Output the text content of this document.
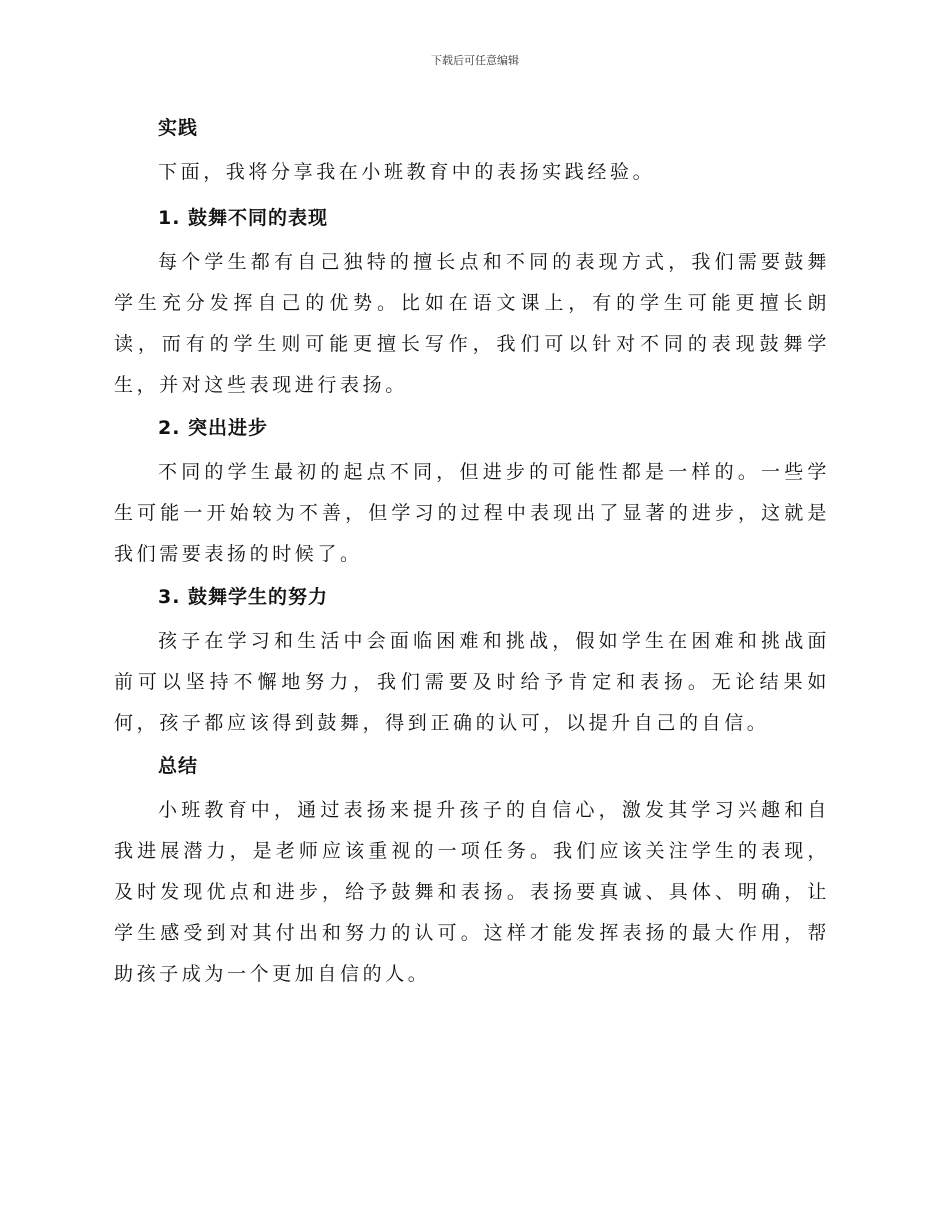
下载后可任意编辑
实践
下面，我将分享我在小班教育中的表扬实践经验。
1. 鼓舞不同的表现
每个学生都有自己独特的擅长点和不同的表现方式，我们需要鼓舞学生充分发挥自己的优势。比如在语文课上，有的学生可能更擅长朗读，而有的学生则可能更擅长写作，我们可以针对不同的表现鼓舞学生，并对这些表现进行表扬。
2. 突出进步
不同的学生最初的起点不同，但进步的可能性都是一样的。一些学生可能一开始较为不善，但学习的过程中表现出了显著的进步，这就是我们需要表扬的时候了。
3. 鼓舞学生的努力
孩子在学习和生活中会面临困难和挑战，假如学生在困难和挑战面前可以坚持不懈地努力，我们需要及时给予肯定和表扬。无论结果如何，孩子都应该得到鼓舞，得到正确的认可，以提升自己的自信。
总结
小班教育中，通过表扬来提升孩子的自信心，激发其学习兴趣和自我进展潜力，是老师应该重视的一项任务。我们应该关注学生的表现，及时发现优点和进步，给予鼓舞和表扬。表扬要真诚、具体、明确，让学生感受到对其付出和努力的认可。这样才能发挥表扬的最大作用，帮助孩子成为一个更加自信的人。
